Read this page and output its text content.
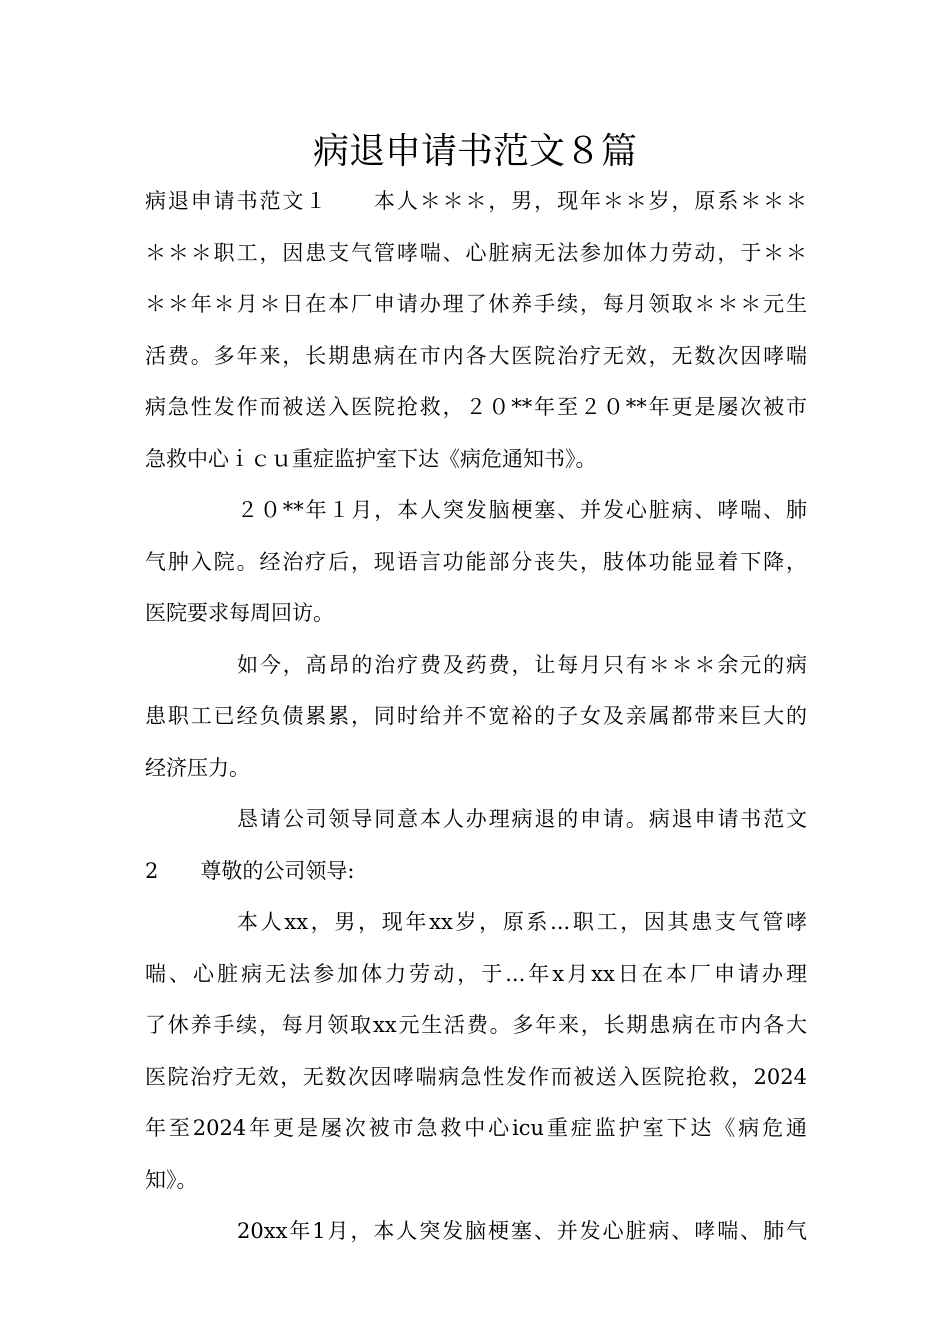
病退申请书范文８篇
病退申请书范文１　　本人＊＊＊，男，现年＊＊岁，原系＊＊＊
＊＊＊职工，因患支气管哮喘、心脏病无法参加体力劳动，于＊＊
＊＊年＊月＊日在本厂申请办理了休养手续，每月领取＊＊＊元生
活费。多年来，长期患病在市内各大医院治疗无效，无数次因哮喘
病急性发作而被送入医院抢救，２０**年至２０**年更是屡次被市
急救中心ｉｃｕ重症监护室下达《病危通知书》。
２０**年１月，本人突发脑梗塞、并发心脏病、哮喘、肺
气肿入院。经治疗后，现语言功能部分丧失，肢体功能显着下降，
医院要求每周回访。
如今，高昂的治疗费及药费，让每月只有＊＊＊余元的病
患职工已经负债累累，同时给并不宽裕的子女及亲属都带来巨大的
经济压力。
恳请公司领导同意本人办理病退的申请。病退申请书范文
2　　尊敬的公司领导:
本人xx，男，现年xx岁，原系...职工，因其患支气管哮
喘、心脏病无法参加体力劳动，于...年x月xx日在本厂申请办理
了休养手续，每月领取xx元生活费。多年来，长期患病在市内各大
医院治疗无效，无数次因哮喘病急性发作而被送入医院抢救，2024
年至2024年更是屡次被市急救中心icu重症监护室下达《病危通
知》。
20xx年1月，本人突发脑梗塞、并发心脏病、哮喘、肺气
